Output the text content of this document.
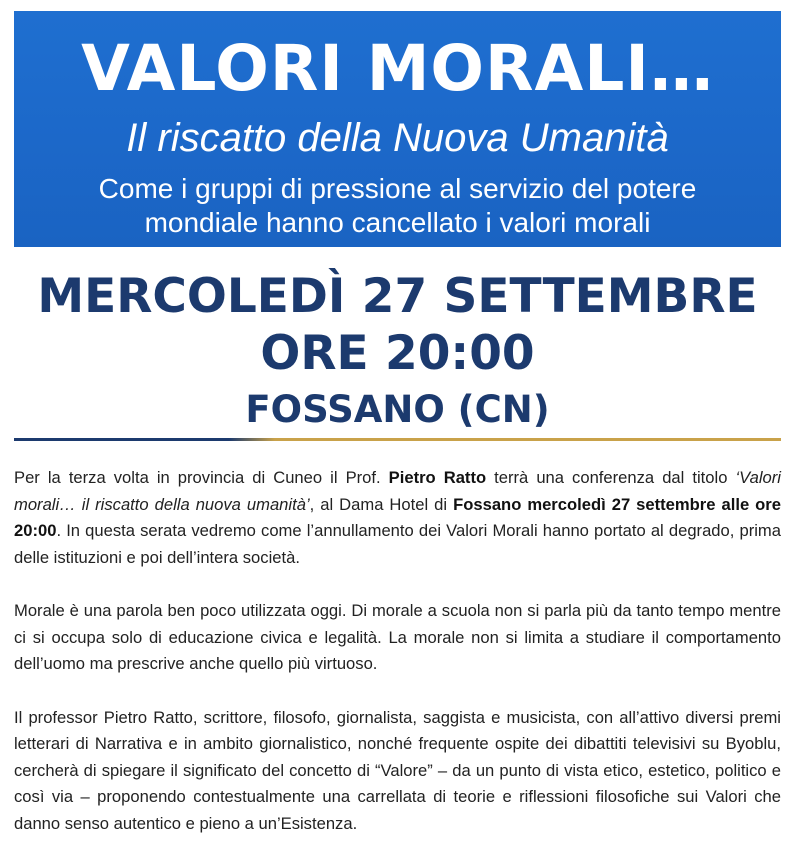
VALORI MORALI…
Il riscatto della Nuova Umanità
Come i gruppi di pressione al servizio del potere
mondiale hanno cancellato i valori morali
MERCOLEDÌ 27 SETTEMBRE
ORE 20:00
FOSSANO (CN)

Per la terza volta in provincia di Cuneo il Prof. Pietro Ratto terrà una conferenza dal titolo ‘Valori morali… il riscatto della nuova umanità’, al Dama Hotel di Fossano mercoledì 27 settembre alle ore 20:00. In questa serata vedremo come l’annullamento dei Valori Morali hanno portato al degrado, prima delle istituzioni e poi dell’intera società.

Morale è una parola ben poco utilizzata oggi. Di morale a scuola non si parla più da tanto tempo mentre ci si occupa solo di educazione civica e legalità. La morale non si limita a studiare il comportamento dell’uomo ma prescrive anche quello più virtuoso.

Il professor Pietro Ratto, scrittore, filosofo, giornalista, saggista e musicista, con all’attivo diversi premi letterari di Narrativa e in ambito giornalistico, nonché frequente ospite dei dibattiti televisivi su Byoblu, cercherà di spiegare il significato del concetto di “Valore” – da un punto di vista etico, estetico, politico e così via – proponendo contestualmente una carrellata di teorie e riflessioni filosofiche sui Valori che danno senso autentico e pieno a un’Esistenza.
